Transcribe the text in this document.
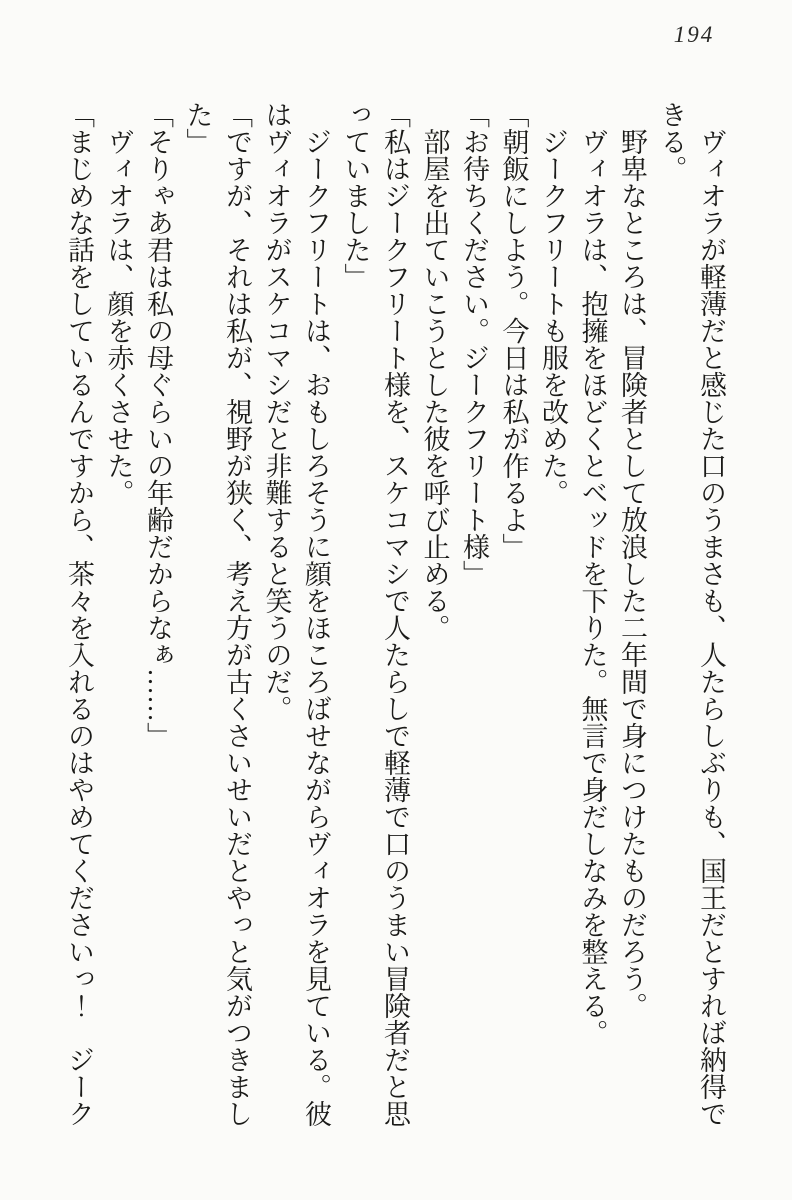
194

ヴィオラが軽薄だと感じた口のうまさも、人たらしぶりも、国王だとすれば納得できる。

野卑なところは、冒険者として放浪した二年間で身につけたものだろう。

ヴィオラは、抱擁をほどくとベッドを下りた。無言で身だしなみを整える。

ジークフリートも服を改めた。

「朝飯にしよう。今日は私が作るよ」

「お待ちください。ジークフリート様」

部屋を出ていこうとした彼を呼び止める。

「私はジークフリート様を、スケコマシで人たらしで軽薄で口のうまい冒険者だと思っていました」

ジークフリートは、おもしろそうに顔をほころばせながらヴィオラを見ている。彼はヴィオラがスケコマシだと非難すると笑うのだ。

「ですが、それは私が、視野が狭く、考え方が古くさいせいだとやっと気がつきました」

「そりゃあ君は私の母ぐらいの年齢だからなぁ……」

ヴィオラは、顔を赤くさせた。

「まじめな話をしているんですから、茶々を入れるのはやめてくださいっ！　ジーク
